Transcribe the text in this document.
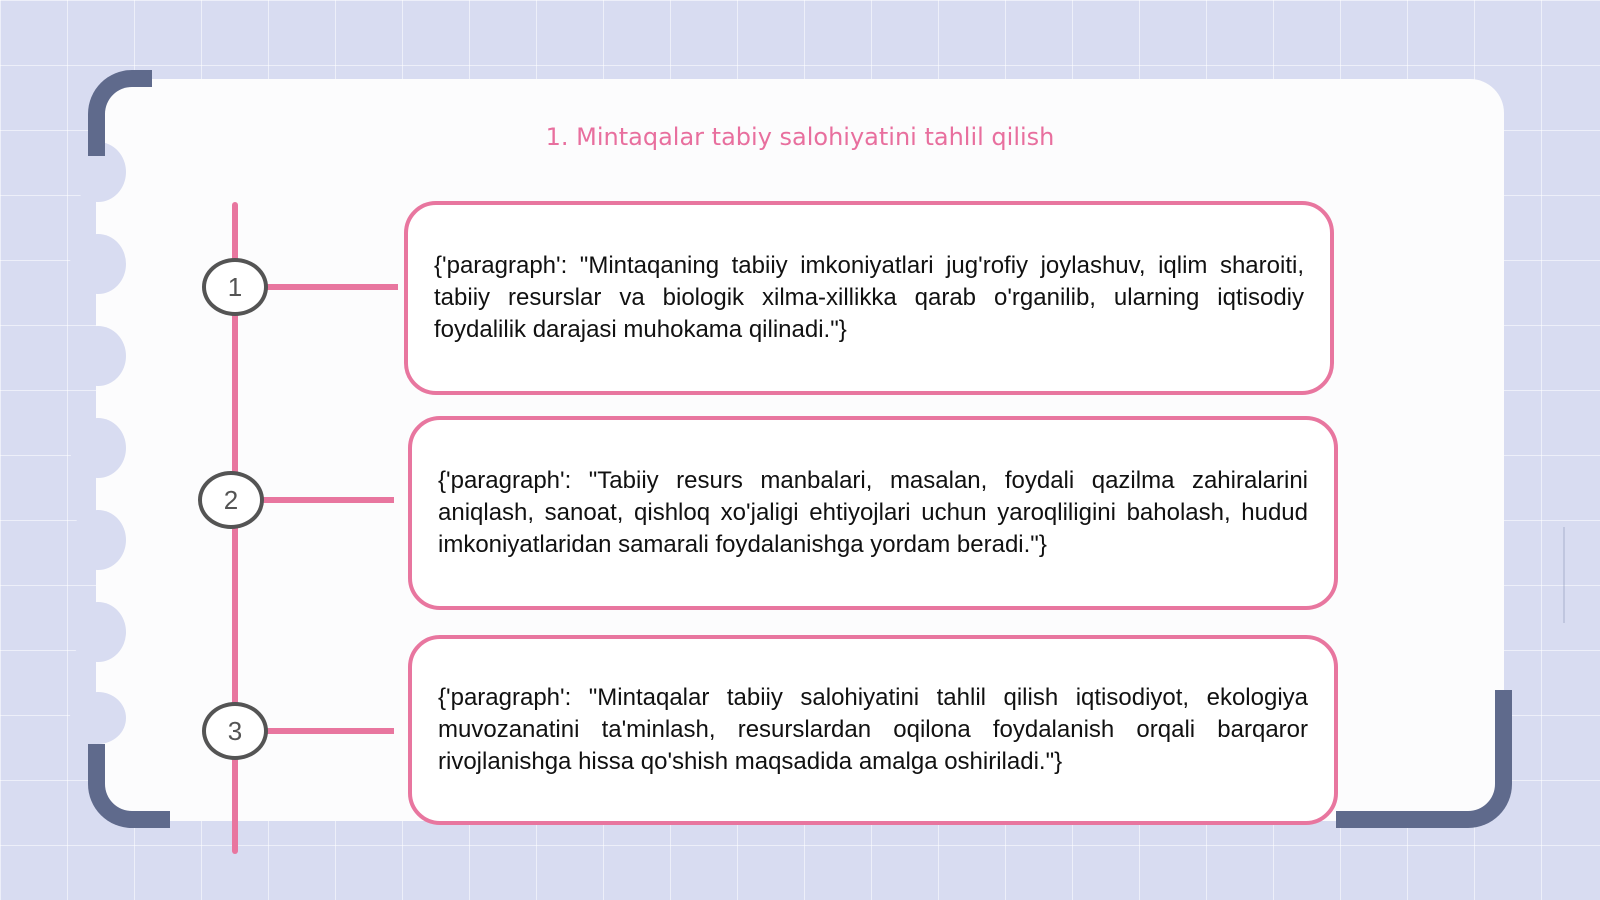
1. Mintaqalar tabiy salohiyatini tahlil qilish
1
{'paragraph': "Mintaqaning tabiiy imkoniyatlari jug'rofiy joylashuv, iqlim sharoiti, tabiiy resurslar va biologik xilma-xillikka qarab o'rganilib, ularning iqtisodiy foydalilik darajasi muhokama qilinadi."}
2
{'paragraph': "Tabiiy resurs manbalari, masalan, foydali qazilma zahiralarini aniqlash, sanoat, qishloq xo'jaligi ehtiyojlari uchun yaroqliligini baholash, hudud imkoniyatlaridan samarali foydalanishga yordam beradi."}
3
{'paragraph': "Mintaqalar tabiiy salohiyatini tahlil qilish iqtisodiyot, ekologiya muvozanatini ta'minlash, resurslardan oqilona foydalanish orqali barqaror rivojlanishga hissa qo'shish maqsadida amalga oshiriladi."}
